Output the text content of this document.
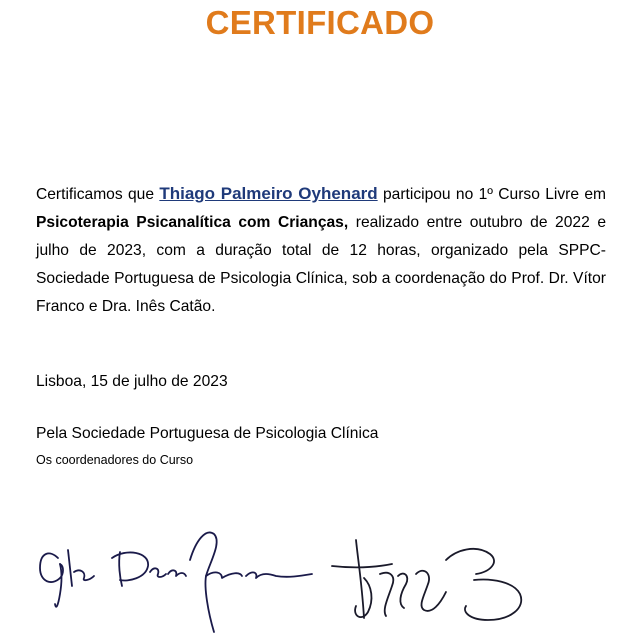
CERTIFICADO

Certificamos que Thiago Palmeiro Oyhenard participou no 1º Curso Livre em Psicoterapia Psicanalítica com Crianças, realizado entre outubro de 2022 e julho de 2023, com a duração total de 12 horas, organizado pela SPPC- Sociedade Portuguesa de Psicologia Clínica, sob a coordenação do Prof. Dr. Vítor Franco e Dra. Inês Catão.

Lisboa, 15 de julho de 2023
Pela Sociedade Portuguesa de Psicologia Clínica
Os coordenadores do Curso
